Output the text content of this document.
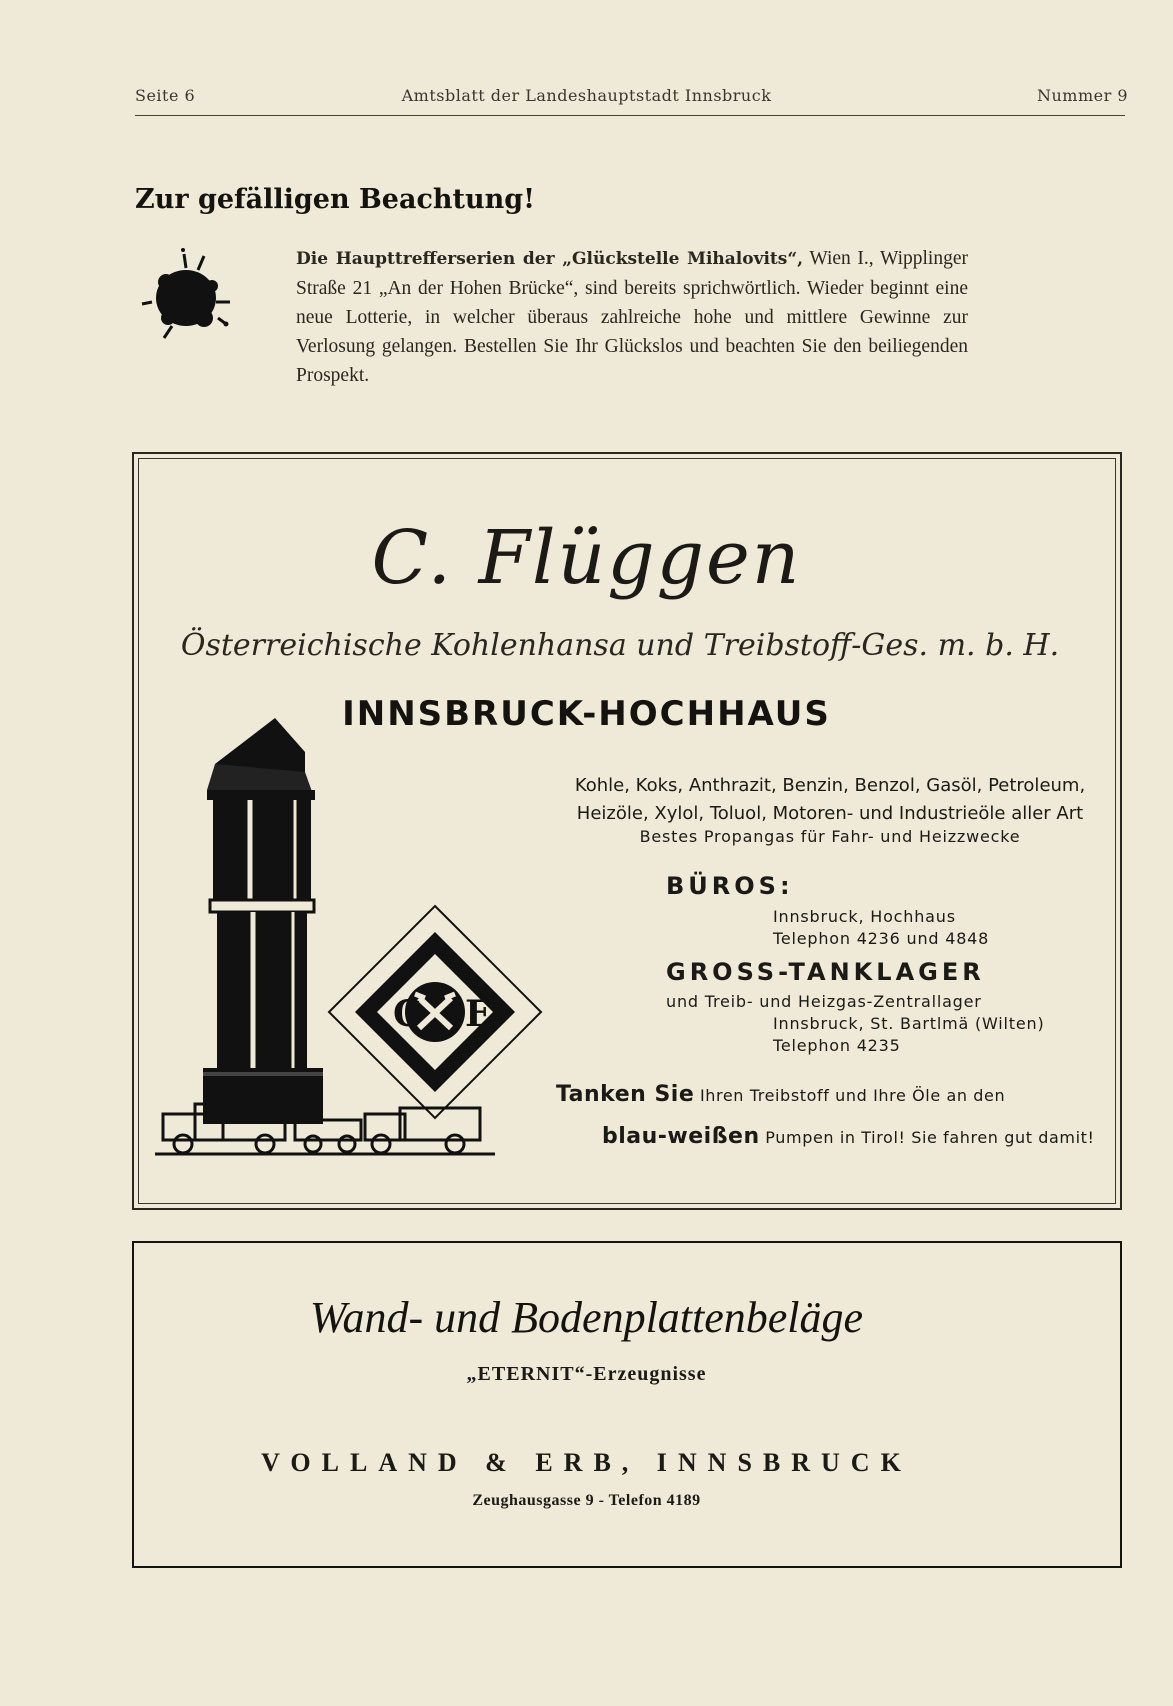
Seite 6	Amtsblatt der Landeshauptstadt Innsbruck	Nummer 9
Zur gefälligen Beachtung!
Die Haupttrefferserien der „Glückstelle Mihalovits“, Wien I., Wipplinger Straße 21 „An der Hohen Brücke“, sind bereits sprichwörtlich. Wieder beginnt eine neue Lotterie, in welcher überaus zahlreiche hohe und mittlere Gewinne zur Verlosung gelangen. Bestellen Sie Ihr Glückslos und beachten Sie den beiliegenden Prospekt.
C. Flüggen
Österreichische Kohlenhansa und Treibstoff-Ges. m. b. H.
INNSBRUCK-HOCHHAUS
C F
Kohle, Koks, Anthrazit, Benzin, Benzol, Gasöl, Petroleum,
Heizöle, Xylol, Toluol, Motoren- und Industrieöle aller Art
Bestes Propangas für Fahr- und Heizzwecke
BÜROS:
Innsbruck, Hochhaus
Telephon 4236 und 4848
GROSS-TANKLAGER
und Treib- und Heizgas-Zentrallager
Innsbruck, St. Bartlmä (Wilten)
Telephon 4235
Tanken Sie Ihren Treibstoff und Ihre Öle an den
blau-weißen Pumpen in Tirol! Sie fahren gut damit!
Wand- und Bodenplattenbeläge
„ETERNIT“-Erzeugnisse
VOLLAND & ERB, INNSBRUCK
Zeughausgasse 9 - Telefon 4189
